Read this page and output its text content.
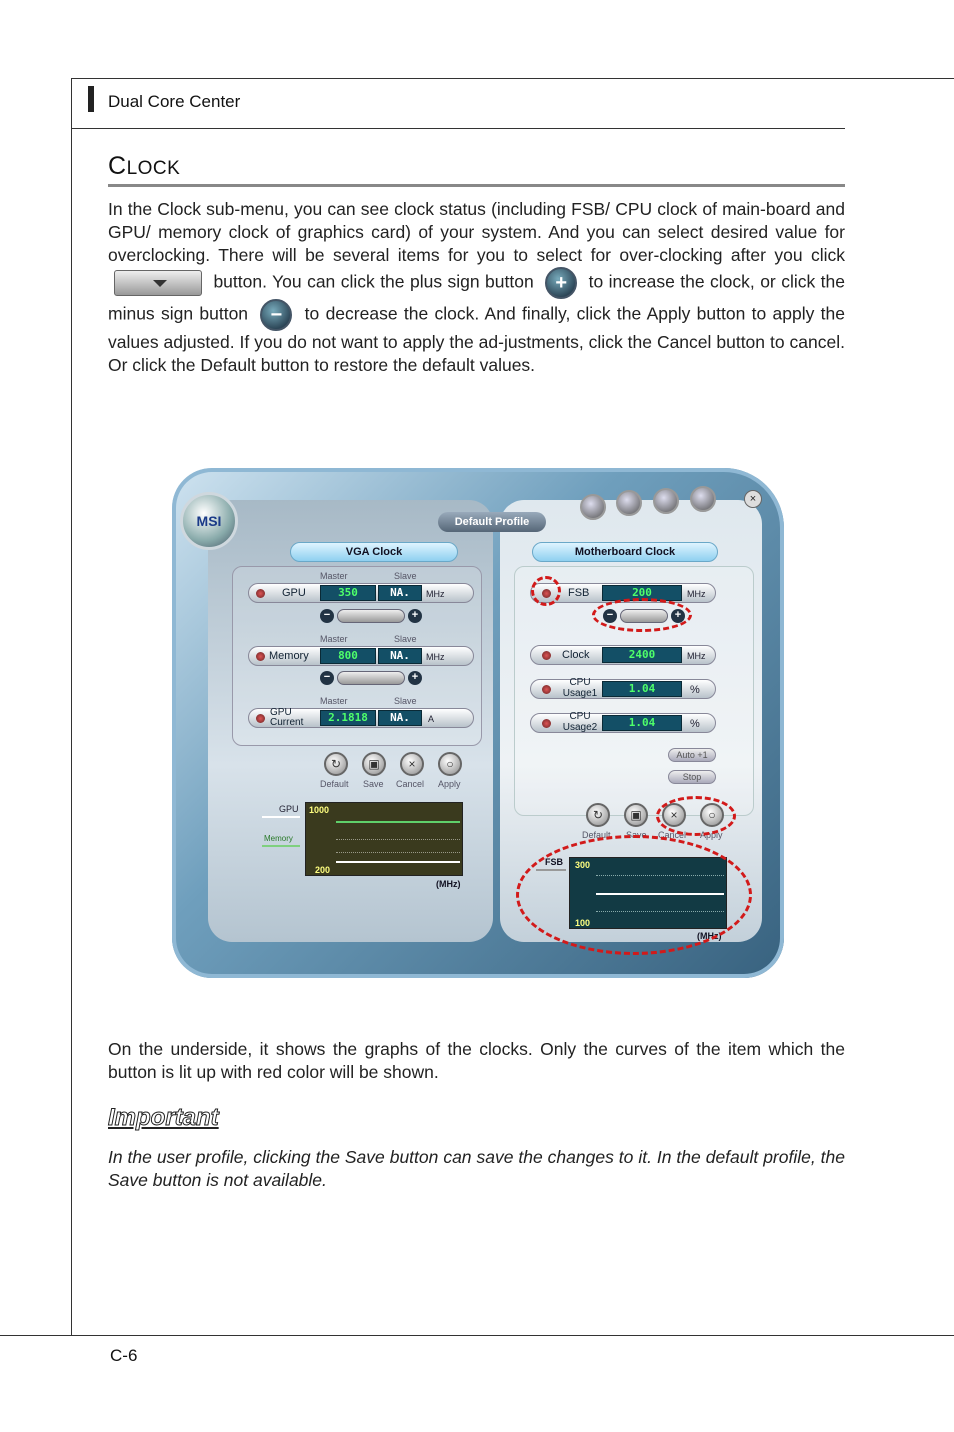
Dual Core Center
CLOCK
In the Clock sub-menu, you can see clock status (including FSB/ CPU clock of main-board and GPU/ memory clock of graphics card) of your system. And you can select desired value for overclocking. There will be several items for you to select for over-clocking after you click  button. You can click the plus sign button + to increase the clock, or click the minus sign button − to decrease the clock. And finally, click the Apply button to apply the values adjusted. If you do not want to apply the ad-justments, click the Cancel button to cancel. Or click the Default button to restore the default values.
MSI	Default Profile
×
VGA Clock	Motherboard Clock
Master	Slave
GPU	350	NA.	MHz
−	+
Master	Slave
Memory	800	NA.	MHz
−	+
Master	Slave
GPU Current	2.1818	NA.	A
↻	▣	×	○
Default Save Cancel Apply
GPU
Memory
1000
200
(MHz)
FSB	200	MHz
−	+
Clock	2400	MHz
CPU Usage1	1.04	%
CPU Usage2	1.04	%
Auto +1
Stop
↻	▣	×	○
Default Save Cancel Apply
FSB 300
100
(MHz)
On the underside, it shows the graphs of the clocks. Only the curves of the item which the button is lit up with red color will be shown.
Important
In the user profile, clicking the Save button can save the changes to it. In the default profile, the Save button is not available.
C-6
